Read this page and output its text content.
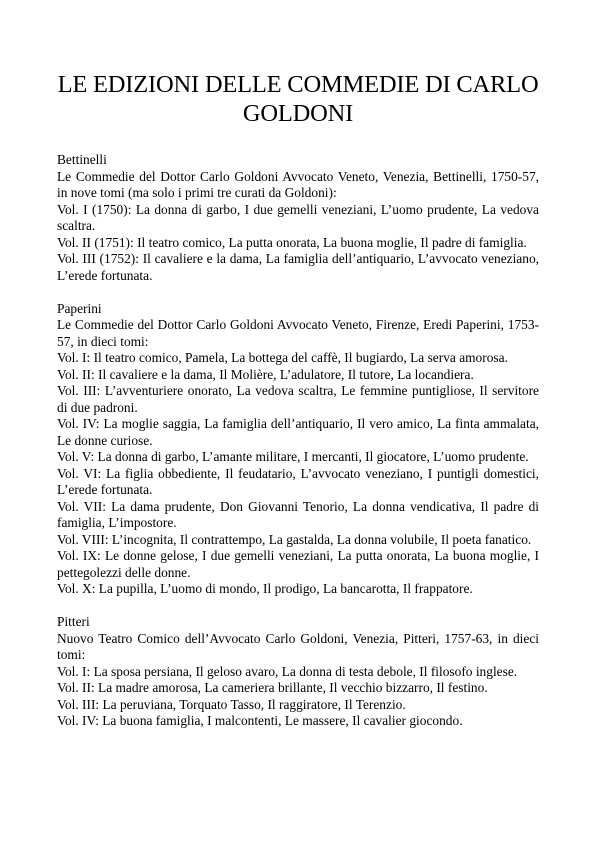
LE EDIZIONI DELLE COMMEDIE DI CARLO GOLDONI

Bettinelli

Le Commedie del Dottor Carlo Goldoni Avvocato Veneto, Venezia, Bettinelli, 1750-57, in nove tomi (ma solo i primi tre curati da Goldoni):

Vol. I (1750): La donna di garbo, I due gemelli veneziani, L’uomo prudente, La vedova scaltra.

Vol. II (1751): Il teatro comico, La putta onorata, La buona moglie, Il padre di famiglia.

Vol. III (1752): Il cavaliere e la dama, La famiglia dell’antiquario, L’avvocato veneziano, L’erede fortunata.

Paperini

Le Commedie del Dottor Carlo Goldoni Avvocato Veneto, Firenze, Eredi Paperini, 1753-57, in dieci tomi:

Vol. I: Il teatro comico, Pamela, La bottega del caffè, Il bugiardo, La serva amorosa.

Vol. II: Il cavaliere e la dama, Il Molière, L’adulatore, Il tutore, La locandiera.

Vol. III: L’avventuriere onorato, La vedova scaltra, Le femmine puntigliose, Il servitore di due padroni.

Vol. IV: La moglie saggia, La famiglia dell’antiquario, Il vero amico, La finta ammalata, Le donne curiose.

Vol. V: La donna di garbo, L’amante militare, I mercanti, Il giocatore, L’uomo prudente.

Vol. VI: La figlia obbediente, Il feudatario, L’avvocato veneziano, I puntigli domestici, L’erede fortunata.

Vol. VII: La dama prudente, Don Giovanni Tenorio, La donna vendicativa, Il padre di famiglia, L’impostore.

Vol. VIII: L’incognita, Il contrattempo, La gastalda, La donna volubile, Il poeta fanatico.

Vol. IX: Le donne gelose, I due gemelli veneziani, La putta onorata, La buona moglie, I pettegolezzi delle donne.

Vol. X: La pupilla, L’uomo di mondo, Il prodigo, La bancarotta, Il frappatore.

Pitteri

Nuovo Teatro Comico dell’Avvocato Carlo Goldoni, Venezia, Pitteri, 1757-63, in dieci tomi:

Vol. I: La sposa persiana, Il geloso avaro, La donna di testa debole, Il filosofo inglese.

Vol. II: La madre amorosa, La cameriera brillante, Il vecchio bizzarro, Il festino.

Vol. III: La peruviana, Torquato Tasso, Il raggiratore, Il Terenzio.

Vol. IV: La buona famiglia, I malcontenti, Le massere, Il cavalier giocondo.
